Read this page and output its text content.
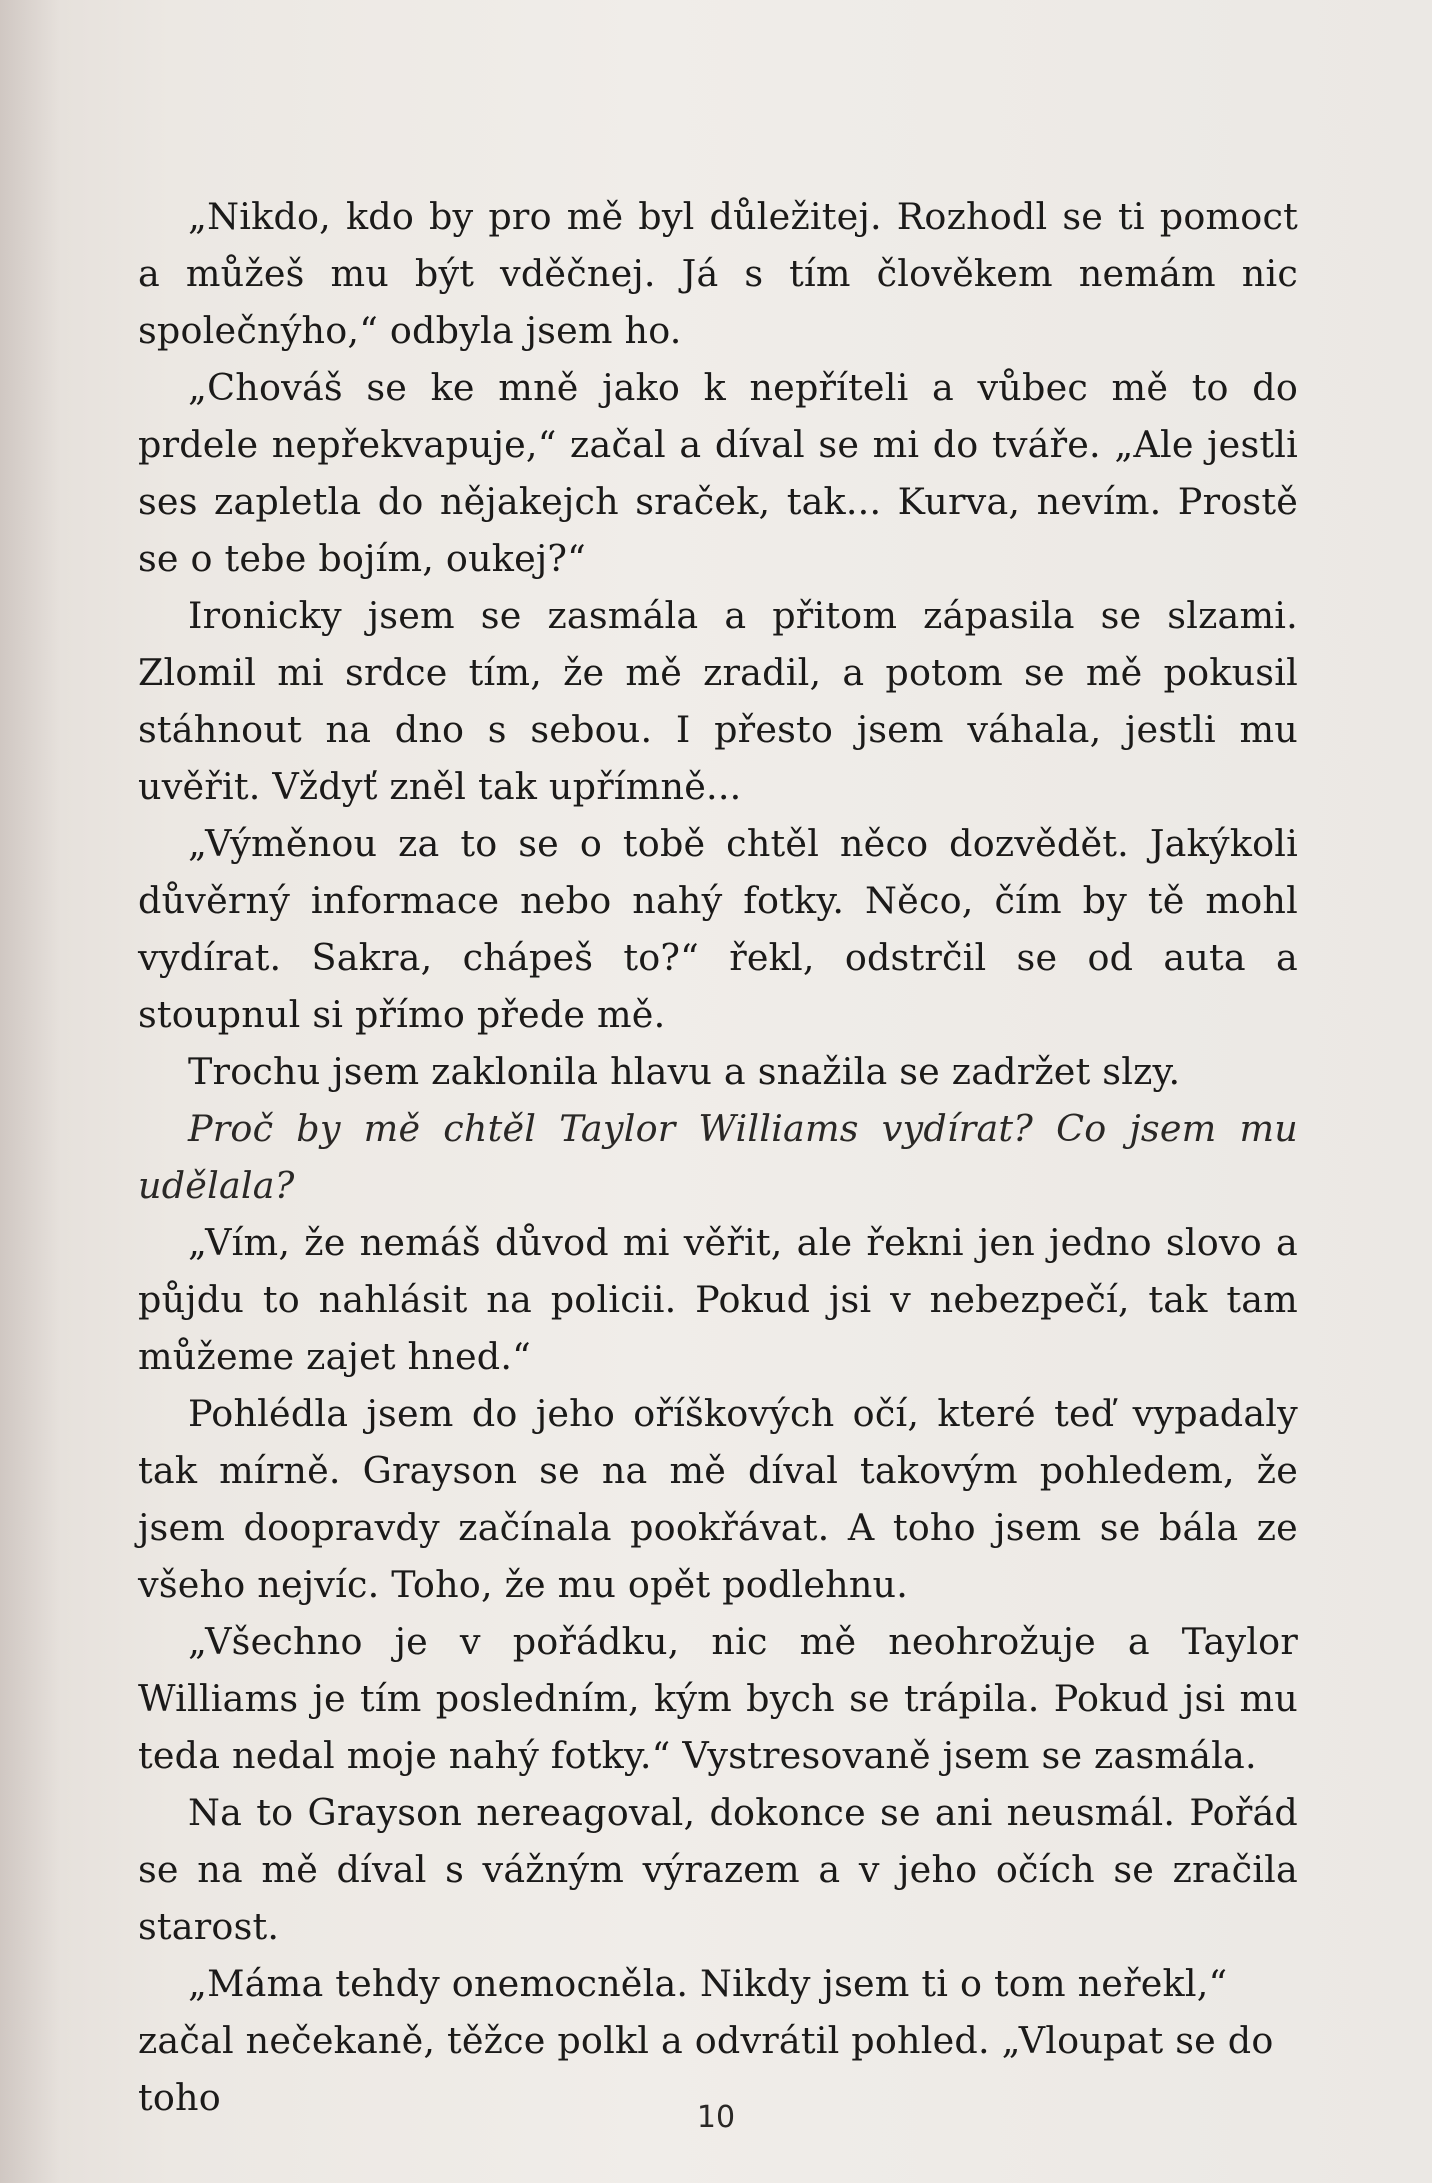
„Nikdo, kdo by pro mě byl důležitej. Rozhodl se ti pomoct a můžeš mu být vděčnej. Já s tím člověkem nemám nic společnýho,“ odbyla jsem ho.

„Chováš se ke mně jako k nepříteli a vůbec mě to do prdele nepřekvapuje,“ začal a díval se mi do tváře. „Ale jestli ses zapletla do nějakejch sraček, tak... Kurva, nevím. Prostě se o tebe bojím, oukej?“

Ironicky jsem se zasmála a přitom zápasila se slzami. Zlomil mi srdce tím, že mě zradil, a potom se mě pokusil stáhnout na dno s sebou. I přesto jsem váhala, jestli mu uvěřit. Vždyť zněl tak upřímně...

„Výměnou za to se o tobě chtěl něco dozvědět. Jakýkoli důvěrný informace nebo nahý fotky. Něco, čím by tě mohl vydírat. Sakra, chápeš to?“ řekl, odstrčil se od auta a stoupnul si přímo přede mě.

Trochu jsem zaklonila hlavu a snažila se zadržet slzy.

Proč by mě chtěl Taylor Williams vydírat? Co jsem mu udělala?

„Vím, že nemáš důvod mi věřit, ale řekni jen jedno slovo a půjdu to nahlásit na policii. Pokud jsi v nebezpečí, tak tam můžeme zajet hned.“

Pohlédla jsem do jeho oříškových očí, které teď vypadaly tak mírně. Grayson se na mě díval takovým pohledem, že jsem doopravdy začínala pookřávat. A toho jsem se bála ze všeho nejvíc. Toho, že mu opět podlehnu.

„Všechno je v pořádku, nic mě neohrožuje a Taylor Williams je tím posledním, kým bych se trápila. Pokud jsi mu teda nedal moje nahý fotky.“ Vystresovaně jsem se zasmála.

Na to Grayson nereagoval, dokonce se ani neusmál. Pořád se na mě díval s vážným výrazem a v jeho očích se zračila starost.

„Máma tehdy onemocněla. Nikdy jsem ti o tom neřekl,“ začal nečekaně, těžce polkl a odvrátil pohled. „Vloupat se do toho	10
